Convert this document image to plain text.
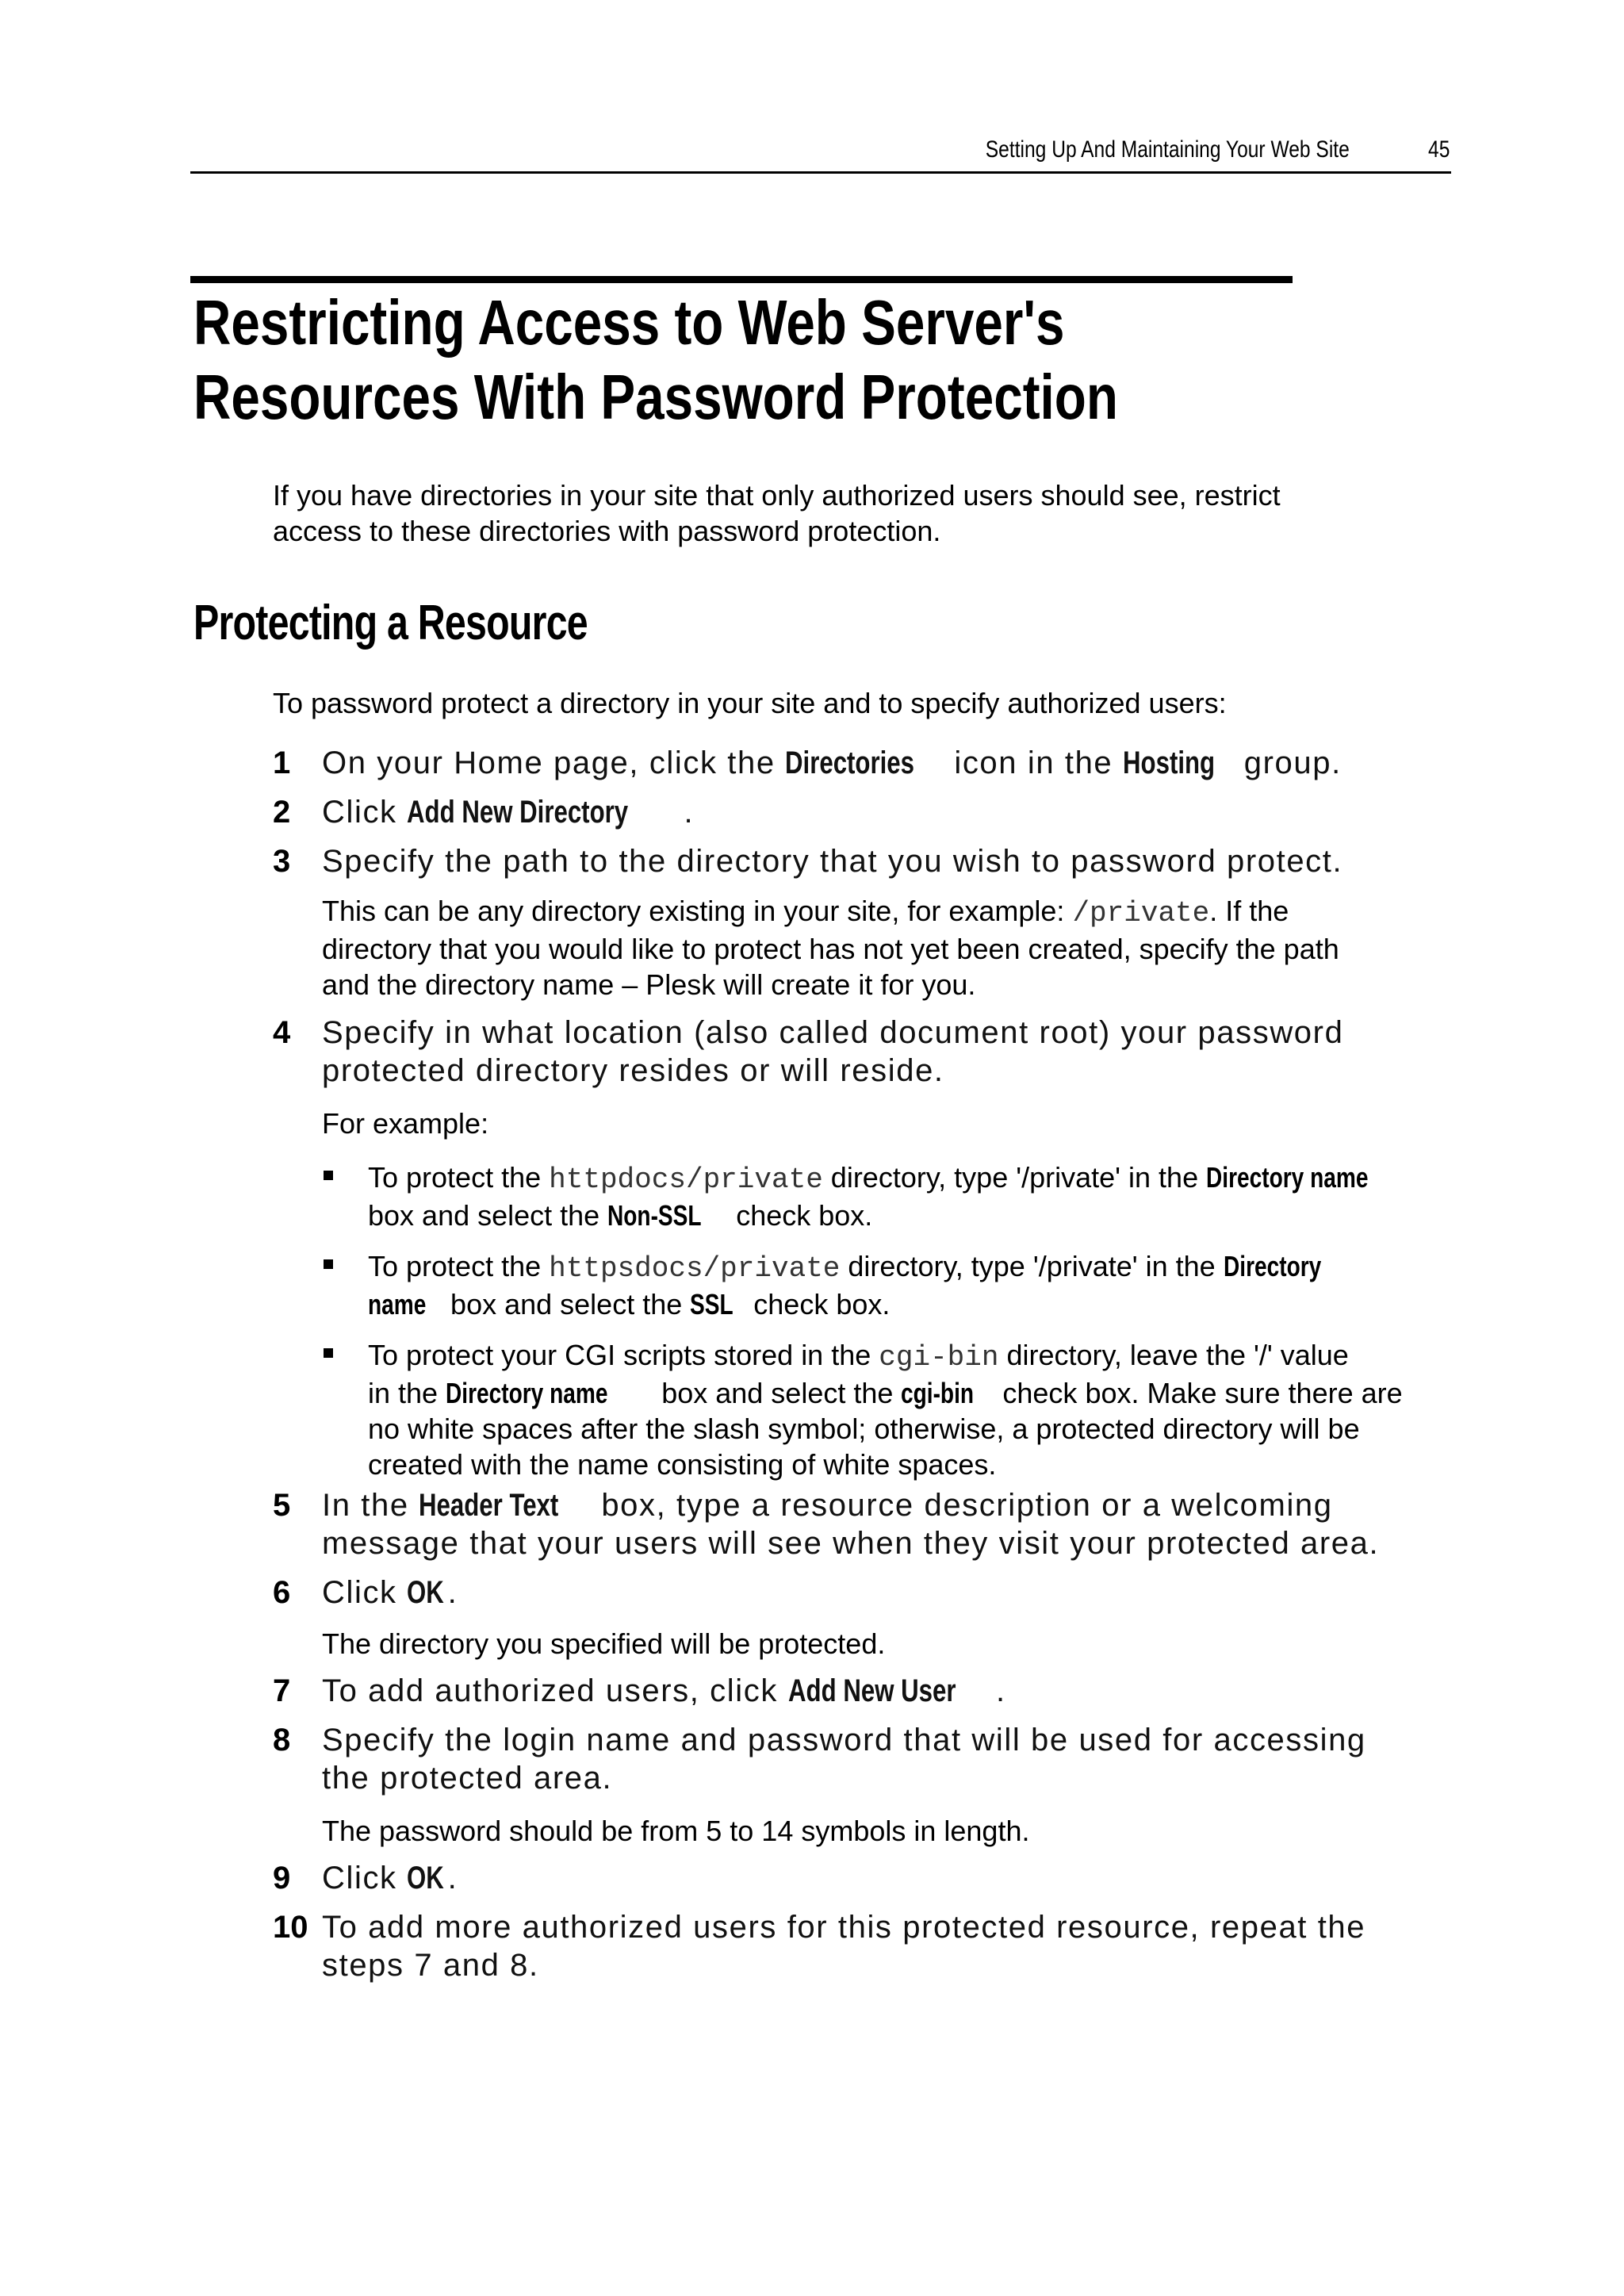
Setting Up And Maintaining Your Web Site	45
Restricting Access to Web Server's
Resources With Password Protection
If you have directories in your site that only authorized users should see, restrict
access to these directories with password protection.
Protecting a Resource
To password protect a directory in your site and to specify authorized users:
1 On your Home page, click the Directories icon in the Hosting group.
2 Click Add New Directory .
3 Specify the path to the directory that you wish to password protect.
This can be any directory existing in your site, for example: /private. If the
directory that you would like to protect has not yet been created, specify the path
and the directory name – Plesk will create it for you.
4 Specify in what location (also called document root) your password
protected directory resides or will reside.
For example:
To protect the httpdocs/private directory, type '/private' in the Directory name
box and select the Non-SSL check box.
To protect the httpsdocs/private directory, type '/private' in the Directory
name box and select the SSL check box.
To protect your CGI scripts stored in the cgi-bin directory, leave the '/' value
in the Directory name box and select the cgi-bin check box. Make sure there are
no white spaces after the slash symbol; otherwise, a protected directory will be
created with the name consisting of white spaces.
5 In the Header Text box, type a resource description or a welcoming
message that your users will see when they visit your protected area.
6 Click OK .
The directory you specified will be protected.
7 To add authorized users, click Add New User .
8 Specify the login name and password that will be used for accessing
the protected area.
The password should be from 5 to 14 symbols in length.
9 Click OK .
10 To add more authorized users for this protected resource, repeat the
steps 7 and 8.
